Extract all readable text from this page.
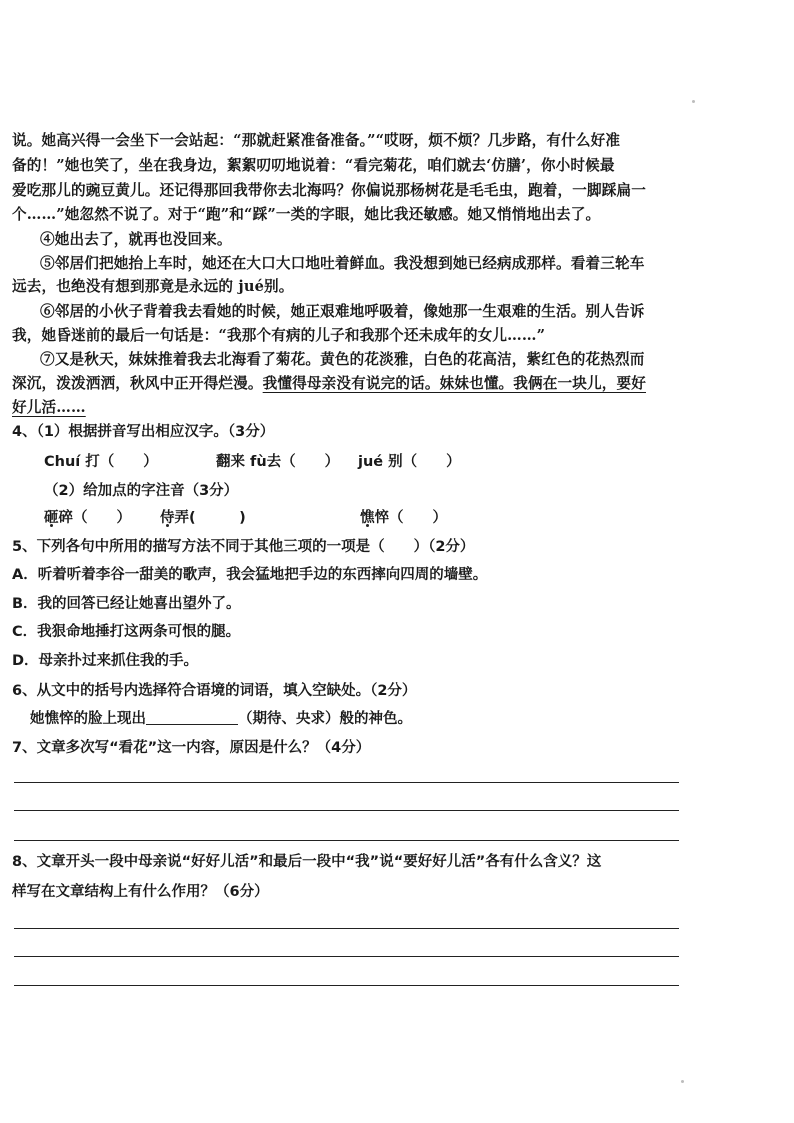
说。她高兴得一会坐下一会站起：“那就赶紧准备准备。”“哎呀，烦不烦？几步路，有什么好准
备的！”她也笑了，坐在我身边，絮絮叨叨地说着：“看完菊花，咱们就去‘仿膳’，你小时候最
爱吃那儿的豌豆黄儿。还记得那回我带你去北海吗？你偏说那杨树花是毛毛虫，跑着，一脚踩扁一
个……”她忽然不说了。对于“跑”和“踩”一类的字眼，她比我还敏感。她又悄悄地出去了。
④她出去了，就再也没回来。
⑤邻居们把她抬上车时，她还在大口大口地吐着鲜血。我没想到她已经病成那样。看着三轮车
远去，也绝没有想到那竟是永远的 jué别。
⑥邻居的小伙子背着我去看她的时候，她正艰难地呼吸着，像她那一生艰难的生活。别人告诉
我，她昏迷前的最后一句话是：“我那个有病的儿子和我那个还未成年的女儿……”
⑦又是秋天，妹妹推着我去北海看了菊花。黄色的花淡雅，白色的花高洁，紫红色的花热烈而
深沉，泼泼洒洒，秋风中正开得烂漫。我懂得母亲没有说完的话。妹妹也懂。我俩在一块儿，要好
好儿活……
4、（1）根据拼音写出相应汉字。（3分）
Chuí 打（　　）	翻来 fù去（　　） jué 别（　　）
（2）给加点的字注音（3分）
砸碎（　　） 侍弄(　　　)	憔悴（　　）
5、下列各句中所用的描写方法不同于其他三项的一项是（　　）（2分）
A．听着听着李谷一甜美的歌声，我会猛地把手边的东西摔向四周的墙壁。
B．我的回答已经让她喜出望外了。
C．我狠命地捶打这两条可恨的腿。
D．母亲扑过来抓住我的手。
6、从文中的括号内选择符合语境的词语，填入空缺处。（2分）
她憔悴的脸上现出	（期待、央求）般的神色。
7、文章多次写“看花”这一内容，原因是什么？（4分）
8、文章开头一段中母亲说“好好儿活”和最后一段中“我”说“要好好儿活”各有什么含义？这
样写在文章结构上有什么作用？（6分）
